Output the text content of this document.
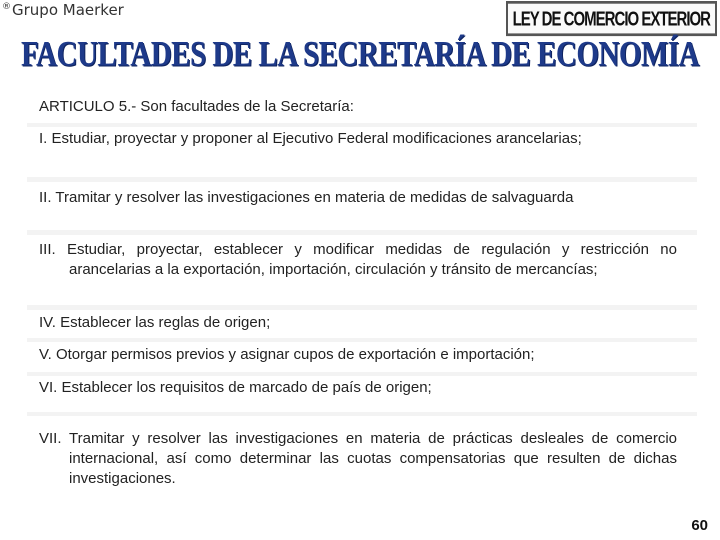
®Grupo Maerker	LEY DE COMERCIO EXTERIOR
FACULTADES DE LA SECRETARÍA DE ECONOMÍA
ARTICULO 5.- Son facultades de la Secretaría:
I. Estudiar, proyectar y proponer al Ejecutivo Federal modificaciones arancelarias;
II. Tramitar y resolver las investigaciones en materia de medidas de salvaguarda
III. Estudiar, proyectar, establecer y modificar medidas de regulación y restricción no arancelarias a la exportación, importación, circulación y tránsito de mercancías;
IV. Establecer las reglas de origen;
V. Otorgar permisos previos y asignar cupos de exportación e importación;
VI. Establecer los requisitos de marcado de país de origen;
VII. Tramitar y resolver las investigaciones en materia de prácticas desleales de comercio internacional, así como determinar las cuotas compensatorias que resulten de dichas investigaciones.
60
